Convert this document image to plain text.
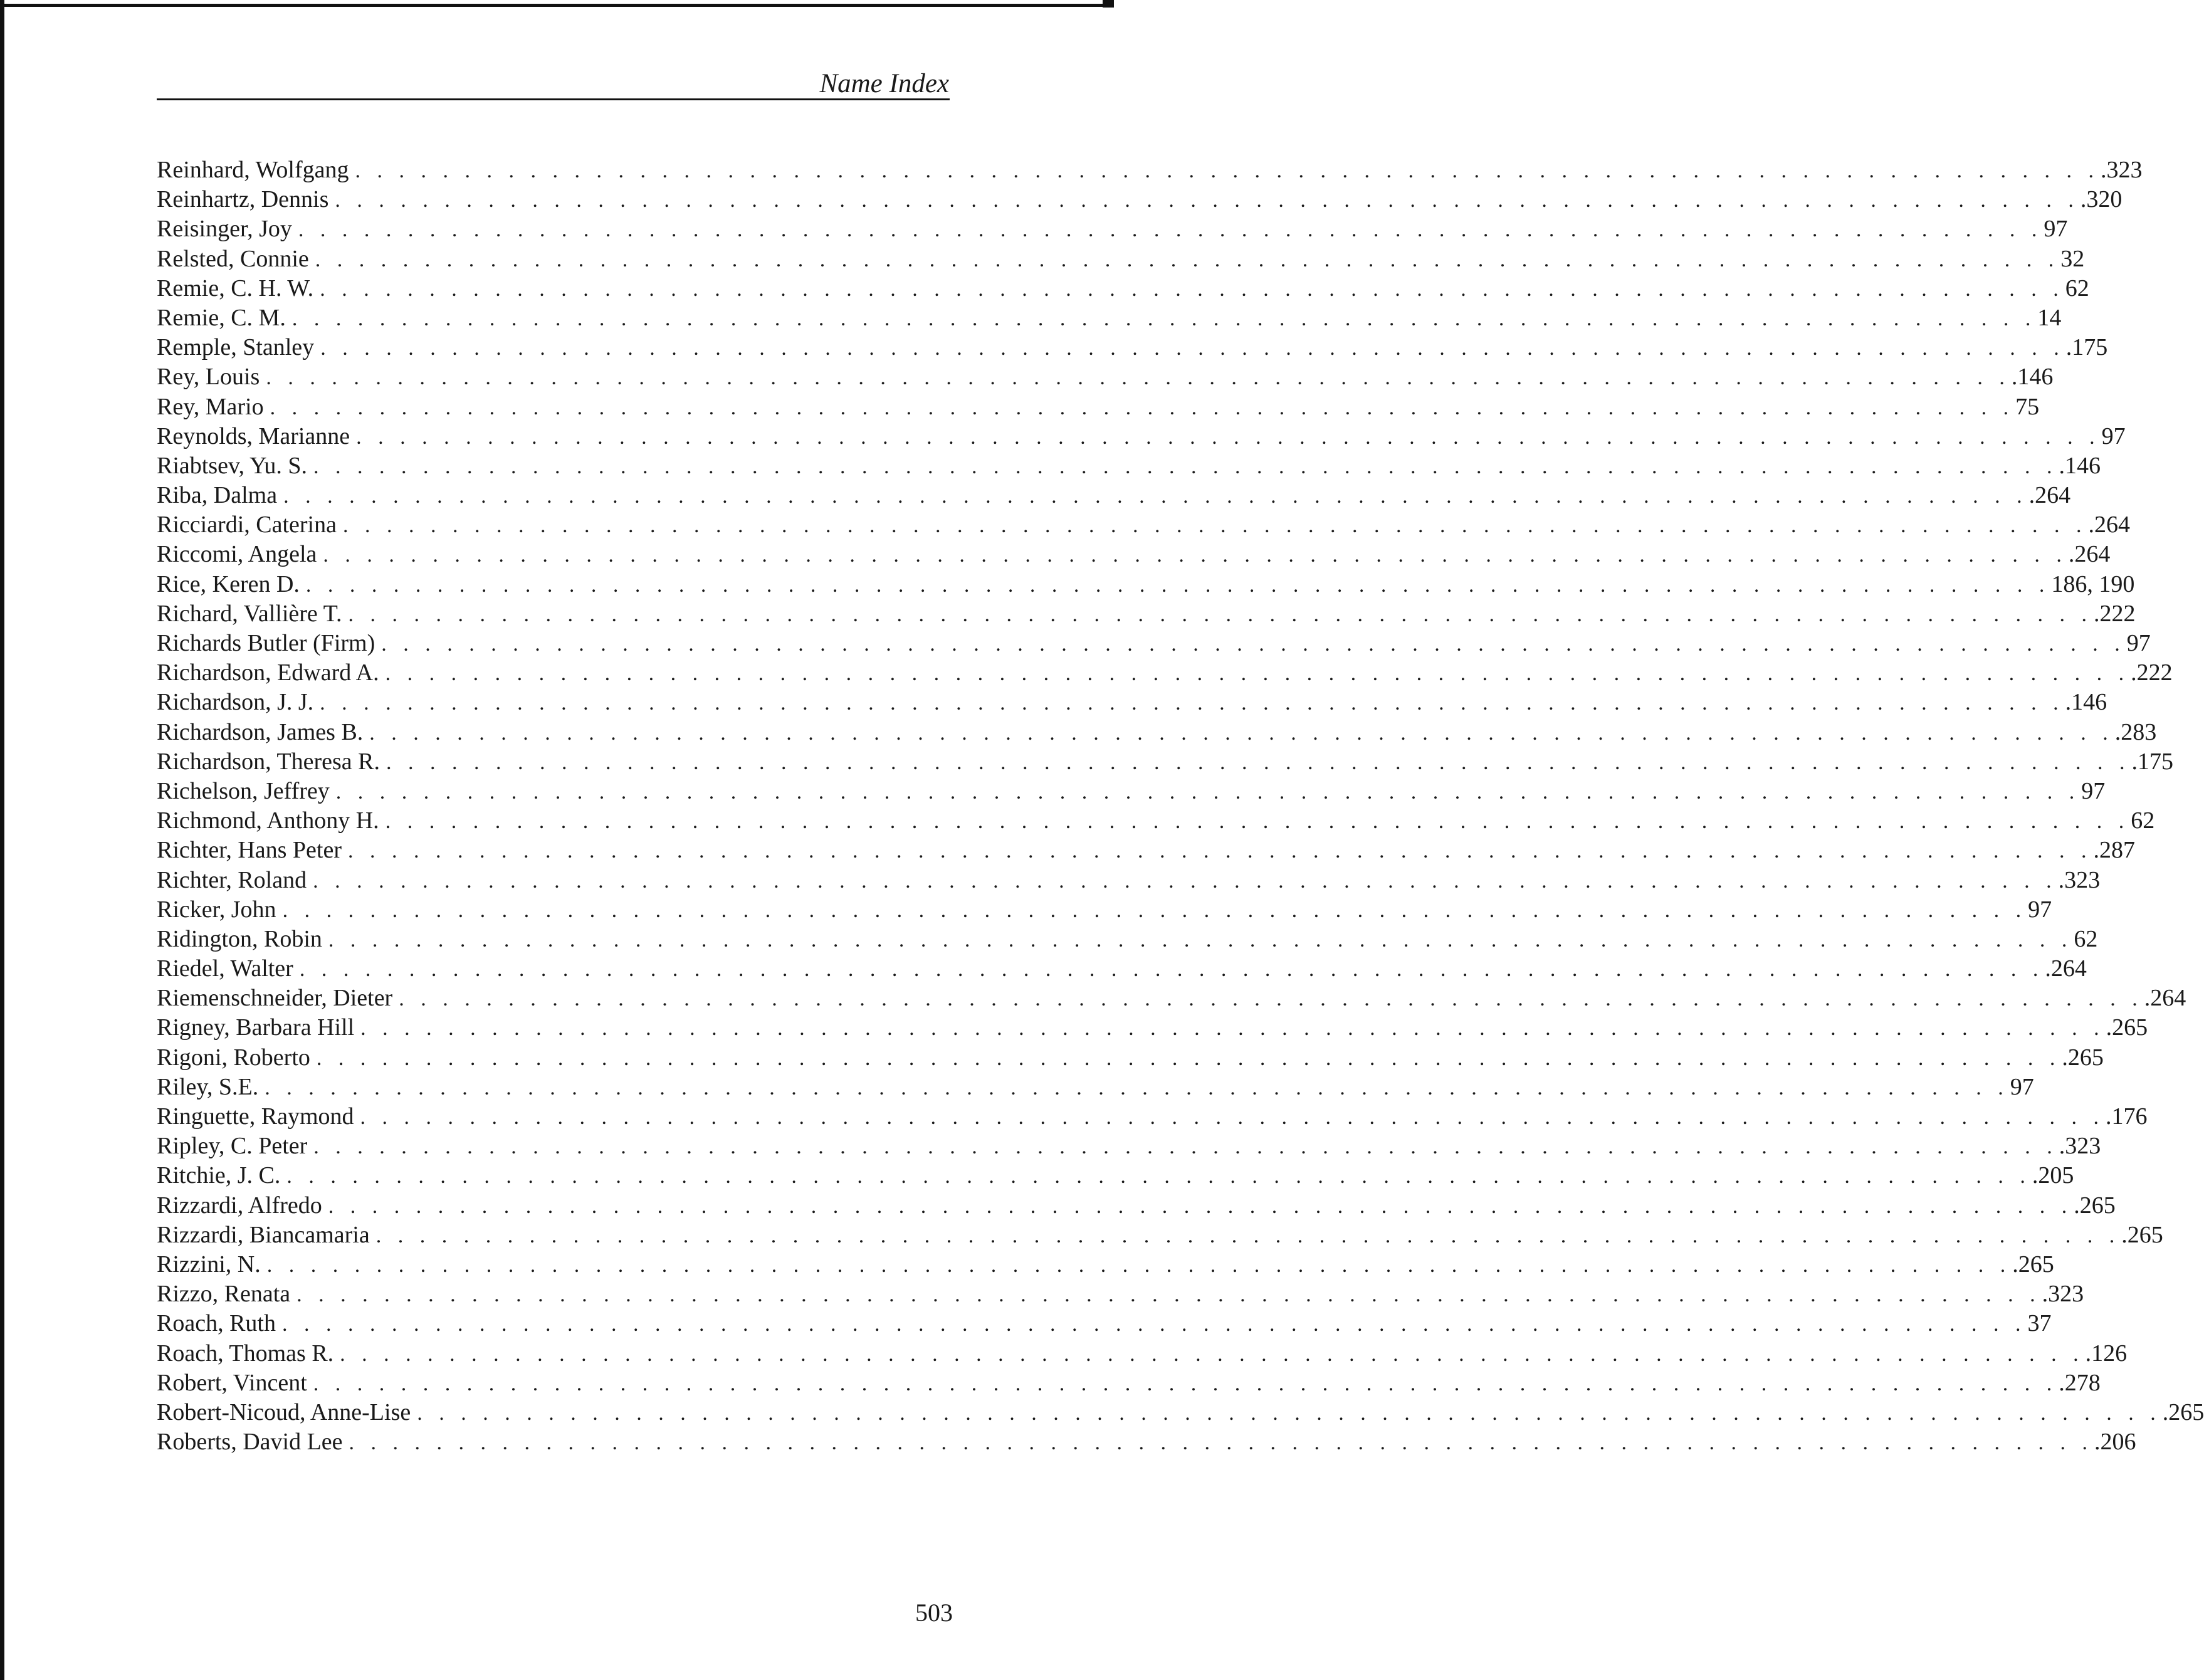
Name Index
Reinhard, Wolfgang . . . . . . . . . . . . . . . . . . . . . . . . . . . . . . . . . . . . . . . . . . . . . . . . . . . . . . . . . . . . . . . . . . . . . . . . . . . . . . . . .323
Reinhartz, Dennis . . . . . . . . . . . . . . . . . . . . . . . . . . . . . . . . . . . . . . . . . . . . . . . . . . . . . . . . . . . . . . . . . . . . . . . . . . . . . . . . .320
Reisinger, Joy . . . . . . . . . . . . . . . . . . . . . . . . . . . . . . . . . . . . . . . . . . . . . . . . . . . . . . . . . . . . . . . . . . . . . . . . . . . . . . . . 97
Relsted, Connie . . . . . . . . . . . . . . . . . . . . . . . . . . . . . . . . . . . . . . . . . . . . . . . . . . . . . . . . . . . . . . . . . . . . . . . . . . . . . . . . 32
Remie, C. H. W. . . . . . . . . . . . . . . . . . . . . . . . . . . . . . . . . . . . . . . . . . . . . . . . . . . . . . . . . . . . . . . . . . . . . . . . . . . . . . . . . 62
Remie, C. M. . . . . . . . . . . . . . . . . . . . . . . . . . . . . . . . . . . . . . . . . . . . . . . . . . . . . . . . . . . . . . . . . . . . . . . . . . . . . . . . . 14
Remple, Stanley . . . . . . . . . . . . . . . . . . . . . . . . . . . . . . . . . . . . . . . . . . . . . . . . . . . . . . . . . . . . . . . . . . . . . . . . . . . . . . . . .175
Rey, Louis . . . . . . . . . . . . . . . . . . . . . . . . . . . . . . . . . . . . . . . . . . . . . . . . . . . . . . . . . . . . . . . . . . . . . . . . . . . . . . . . .146
Rey, Mario . . . . . . . . . . . . . . . . . . . . . . . . . . . . . . . . . . . . . . . . . . . . . . . . . . . . . . . . . . . . . . . . . . . . . . . . . . . . . . . . 75
Reynolds, Marianne . . . . . . . . . . . . . . . . . . . . . . . . . . . . . . . . . . . . . . . . . . . . . . . . . . . . . . . . . . . . . . . . . . . . . . . . . . . . . . . . 97
Riabtsev, Yu. S. . . . . . . . . . . . . . . . . . . . . . . . . . . . . . . . . . . . . . . . . . . . . . . . . . . . . . . . . . . . . . . . . . . . . . . . . . . . . . . . . .146
Riba, Dalma . . . . . . . . . . . . . . . . . . . . . . . . . . . . . . . . . . . . . . . . . . . . . . . . . . . . . . . . . . . . . . . . . . . . . . . . . . . . . . . . .264
Ricciardi, Caterina . . . . . . . . . . . . . . . . . . . . . . . . . . . . . . . . . . . . . . . . . . . . . . . . . . . . . . . . . . . . . . . . . . . . . . . . . . . . . . . . .264
Riccomi, Angela . . . . . . . . . . . . . . . . . . . . . . . . . . . . . . . . . . . . . . . . . . . . . . . . . . . . . . . . . . . . . . . . . . . . . . . . . . . . . . . . .264
Rice, Keren D. . . . . . . . . . . . . . . . . . . . . . . . . . . . . . . . . . . . . . . . . . . . . . . . . . . . . . . . . . . . . . . . . . . . . . . . . . . . . . . . . 186, 190
Richard, Vallière T. . . . . . . . . . . . . . . . . . . . . . . . . . . . . . . . . . . . . . . . . . . . . . . . . . . . . . . . . . . . . . . . . . . . . . . . . . . . . . . . . .222
Richards Butler (Firm) . . . . . . . . . . . . . . . . . . . . . . . . . . . . . . . . . . . . . . . . . . . . . . . . . . . . . . . . . . . . . . . . . . . . . . . . . . . . . . . . 97
Richardson, Edward A. . . . . . . . . . . . . . . . . . . . . . . . . . . . . . . . . . . . . . . . . . . . . . . . . . . . . . . . . . . . . . . . . . . . . . . . . . . . . . . . . .222
Richardson, J. J. . . . . . . . . . . . . . . . . . . . . . . . . . . . . . . . . . . . . . . . . . . . . . . . . . . . . . . . . . . . . . . . . . . . . . . . . . . . . . . . . .146
Richardson, James B. . . . . . . . . . . . . . . . . . . . . . . . . . . . . . . . . . . . . . . . . . . . . . . . . . . . . . . . . . . . . . . . . . . . . . . . . . . . . . . . . .283
Richardson, Theresa R. . . . . . . . . . . . . . . . . . . . . . . . . . . . . . . . . . . . . . . . . . . . . . . . . . . . . . . . . . . . . . . . . . . . . . . . . . . . . . . . . .175
Richelson, Jeffrey . . . . . . . . . . . . . . . . . . . . . . . . . . . . . . . . . . . . . . . . . . . . . . . . . . . . . . . . . . . . . . . . . . . . . . . . . . . . . . . . 97
Richmond, Anthony H. . . . . . . . . . . . . . . . . . . . . . . . . . . . . . . . . . . . . . . . . . . . . . . . . . . . . . . . . . . . . . . . . . . . . . . . . . . . . . . . . 62
Richter, Hans Peter . . . . . . . . . . . . . . . . . . . . . . . . . . . . . . . . . . . . . . . . . . . . . . . . . . . . . . . . . . . . . . . . . . . . . . . . . . . . . . . . .287
Richter, Roland . . . . . . . . . . . . . . . . . . . . . . . . . . . . . . . . . . . . . . . . . . . . . . . . . . . . . . . . . . . . . . . . . . . . . . . . . . . . . . . . .323
Ricker, John . . . . . . . . . . . . . . . . . . . . . . . . . . . . . . . . . . . . . . . . . . . . . . . . . . . . . . . . . . . . . . . . . . . . . . . . . . . . . . . . 97
Ridington, Robin . . . . . . . . . . . . . . . . . . . . . . . . . . . . . . . . . . . . . . . . . . . . . . . . . . . . . . . . . . . . . . . . . . . . . . . . . . . . . . . . 62
Riedel, Walter . . . . . . . . . . . . . . . . . . . . . . . . . . . . . . . . . . . . . . . . . . . . . . . . . . . . . . . . . . . . . . . . . . . . . . . . . . . . . . . . .264
Riemenschneider, Dieter . . . . . . . . . . . . . . . . . . . . . . . . . . . . . . . . . . . . . . . . . . . . . . . . . . . . . . . . . . . . . . . . . . . . . . . . . . . . . . . . .264
Rigney, Barbara Hill . . . . . . . . . . . . . . . . . . . . . . . . . . . . . . . . . . . . . . . . . . . . . . . . . . . . . . . . . . . . . . . . . . . . . . . . . . . . . . . . .265
Rigoni, Roberto . . . . . . . . . . . . . . . . . . . . . . . . . . . . . . . . . . . . . . . . . . . . . . . . . . . . . . . . . . . . . . . . . . . . . . . . . . . . . . . . .265
Riley, S.E. . . . . . . . . . . . . . . . . . . . . . . . . . . . . . . . . . . . . . . . . . . . . . . . . . . . . . . . . . . . . . . . . . . . . . . . . . . . . . . . . 97
Ringuette, Raymond . . . . . . . . . . . . . . . . . . . . . . . . . . . . . . . . . . . . . . . . . . . . . . . . . . . . . . . . . . . . . . . . . . . . . . . . . . . . . . . . .176
Ripley, C. Peter . . . . . . . . . . . . . . . . . . . . . . . . . . . . . . . . . . . . . . . . . . . . . . . . . . . . . . . . . . . . . . . . . . . . . . . . . . . . . . . . .323
Ritchie, J. C. . . . . . . . . . . . . . . . . . . . . . . . . . . . . . . . . . . . . . . . . . . . . . . . . . . . . . . . . . . . . . . . . . . . . . . . . . . . . . . . . .205
Rizzardi, Alfredo . . . . . . . . . . . . . . . . . . . . . . . . . . . . . . . . . . . . . . . . . . . . . . . . . . . . . . . . . . . . . . . . . . . . . . . . . . . . . . . . .265
Rizzardi, Biancamaria . . . . . . . . . . . . . . . . . . . . . . . . . . . . . . . . . . . . . . . . . . . . . . . . . . . . . . . . . . . . . . . . . . . . . . . . . . . . . . . . .265
Rizzini, N. . . . . . . . . . . . . . . . . . . . . . . . . . . . . . . . . . . . . . . . . . . . . . . . . . . . . . . . . . . . . . . . . . . . . . . . . . . . . . . . . .265
Rizzo, Renata . . . . . . . . . . . . . . . . . . . . . . . . . . . . . . . . . . . . . . . . . . . . . . . . . . . . . . . . . . . . . . . . . . . . . . . . . . . . . . . . .323
Roach, Ruth . . . . . . . . . . . . . . . . . . . . . . . . . . . . . . . . . . . . . . . . . . . . . . . . . . . . . . . . . . . . . . . . . . . . . . . . . . . . . . . . 37
Roach, Thomas R. . . . . . . . . . . . . . . . . . . . . . . . . . . . . . . . . . . . . . . . . . . . . . . . . . . . . . . . . . . . . . . . . . . . . . . . . . . . . . . . . .126
Robert, Vincent . . . . . . . . . . . . . . . . . . . . . . . . . . . . . . . . . . . . . . . . . . . . . . . . . . . . . . . . . . . . . . . . . . . . . . . . . . . . . . . . .278
Robert-Nicoud, Anne-Lise . . . . . . . . . . . . . . . . . . . . . . . . . . . . . . . . . . . . . . . . . . . . . . . . . . . . . . . . . . . . . . . . . . . . . . . . . . . . . . . . .265
Roberts, David Lee . . . . . . . . . . . . . . . . . . . . . . . . . . . . . . . . . . . . . . . . . . . . . . . . . . . . . . . . . . . . . . . . . . . . . . . . . . . . . . . . .206
503
